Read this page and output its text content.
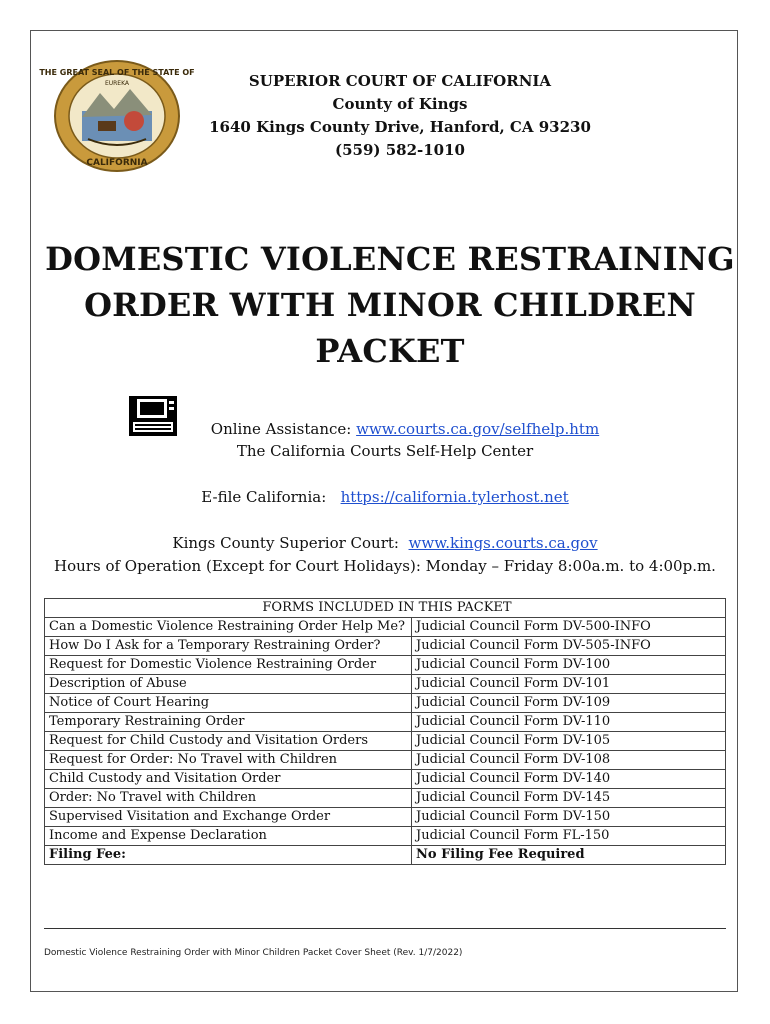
THE GREAT SEAL OF THE STATE OF
EUREKA
CALIFORNIA
SUPERIOR COURT OF CALIFORNIA
County of Kings
1640 Kings County Drive, Hanford, CA 93230
(559) 582-1010
DOMESTIC VIOLENCE RESTRAINING
ORDER WITH MINOR CHILDREN
PACKET
Online Assistance: www.courts.ca.gov/selfhelp.htm
The California Courts Self-Help Center
E-file California: https://california.tylerhost.net
Kings County Superior Court: www.kings.courts.ca.gov
Hours of Operation (Except for Court Holidays): Monday – Friday 8:00a.m. to 4:00p.m.
FORMS INCLUDED IN THIS PACKET	
Can a Domestic Violence Restraining Order Help Me?	Judicial Council Form DV-500-INFO
How Do I Ask for a Temporary Restraining Order?	Judicial Council Form DV-505-INFO
Request for Domestic Violence Restraining Order	Judicial Council Form DV-100
Description of Abuse	Judicial Council Form DV-101
Notice of Court Hearing	Judicial Council Form DV-109
Temporary Restraining Order	Judicial Council Form DV-110
Request for Child Custody and Visitation Orders	Judicial Council Form DV-105
Request for Order: No Travel with Children	Judicial Council Form DV-108
Child Custody and Visitation Order	Judicial Council Form DV-140
Order: No Travel with Children	Judicial Council Form DV-145
Supervised Visitation and Exchange Order	Judicial Council Form DV-150
Income and Expense Declaration	Judicial Council Form FL-150
Filing Fee:	No Filing Fee Required
Domestic Violence Restraining Order with Minor Children Packet Cover Sheet (Rev. 1/7/2022)
